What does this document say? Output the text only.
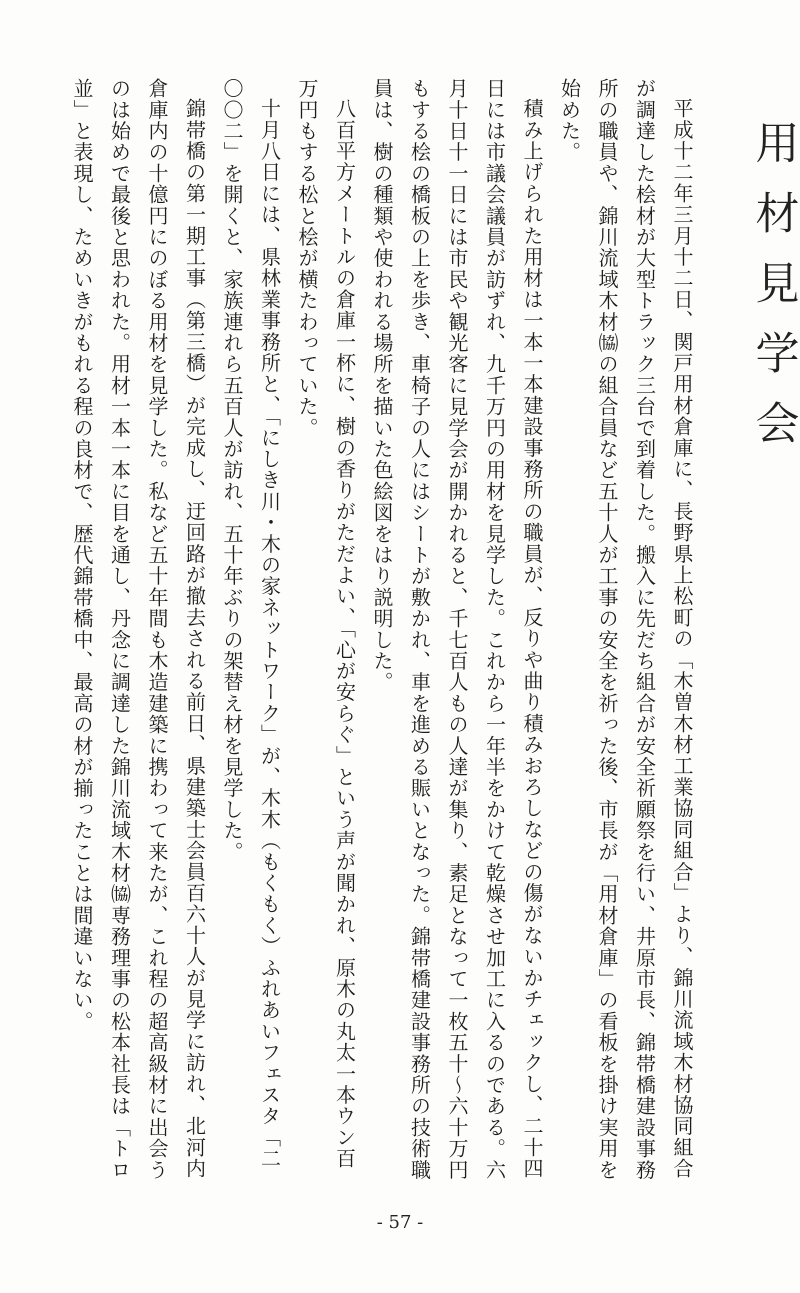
用材見学会

平成十二年三月十二日、関戸用材倉庫に、長野県上松町の「木曽木材工業協同組合」より、錦川流域木材協同組合が調達した桧材が大型トラック三台で到着した。搬入に先だち組合が安全祈願祭を行い、井原市長、錦帯橋建設事務所の職員や、錦川流域木材㈿の組合員など五十人が工事の安全を祈った後、市長が「用材倉庫」の看板を掛け実用を始めた。

積み上げられた用材は一本一本建設事務所の職員が、反りや曲り積みおろしなどの傷がないかチェックし、二十四日には市議会議員が訪ずれ、九千万円の用材を見学した。これから一年半をかけて乾燥させ加工に入るのである。六月十日十一日には市民や観光客に見学会が開かれると、千七百人もの人達が集り、素足となって一枚五十〜六十万円もする桧の橋板の上を歩き、車椅子の人にはシートが敷かれ、車を進める賑いとなった。錦帯橋建設事務所の技術職員は、樹の種類や使われる場所を描いた色絵図をはり説明した。

八百平方メートルの倉庫一杯に、樹の香りがただよい、「心が安らぐ」という声が聞かれ、原木の丸太一本ウン百万円もする松と桧が横たわっていた。

十月八日には、県林業事務所と、「にしき川・木の家ネットワーク」が、木木（もくもく）ふれあいフェスタ「二〇〇二」を開くと、家族連れら五百人が訪れ、五十年ぶりの架替え材を見学した。

錦帯橋の第一期工事（第三橋）が完成し、迂回路が撤去される前日、県建築士会員百六十人が見学に訪れ、北河内倉庫内の十億円にのぼる用材を見学した。私など五十年間も木造建築に携わって来たが、これ程の超高級材に出会うのは始めで最後と思われた。用材一本一本に目を通し、丹念に調達した錦川流域木材㈿専務理事の松本社長は「トロ並」と表現し、ためいきがもれる程の良材で、歴代錦帯橋中、最高の材が揃ったことは間違いない。

- 57 -
